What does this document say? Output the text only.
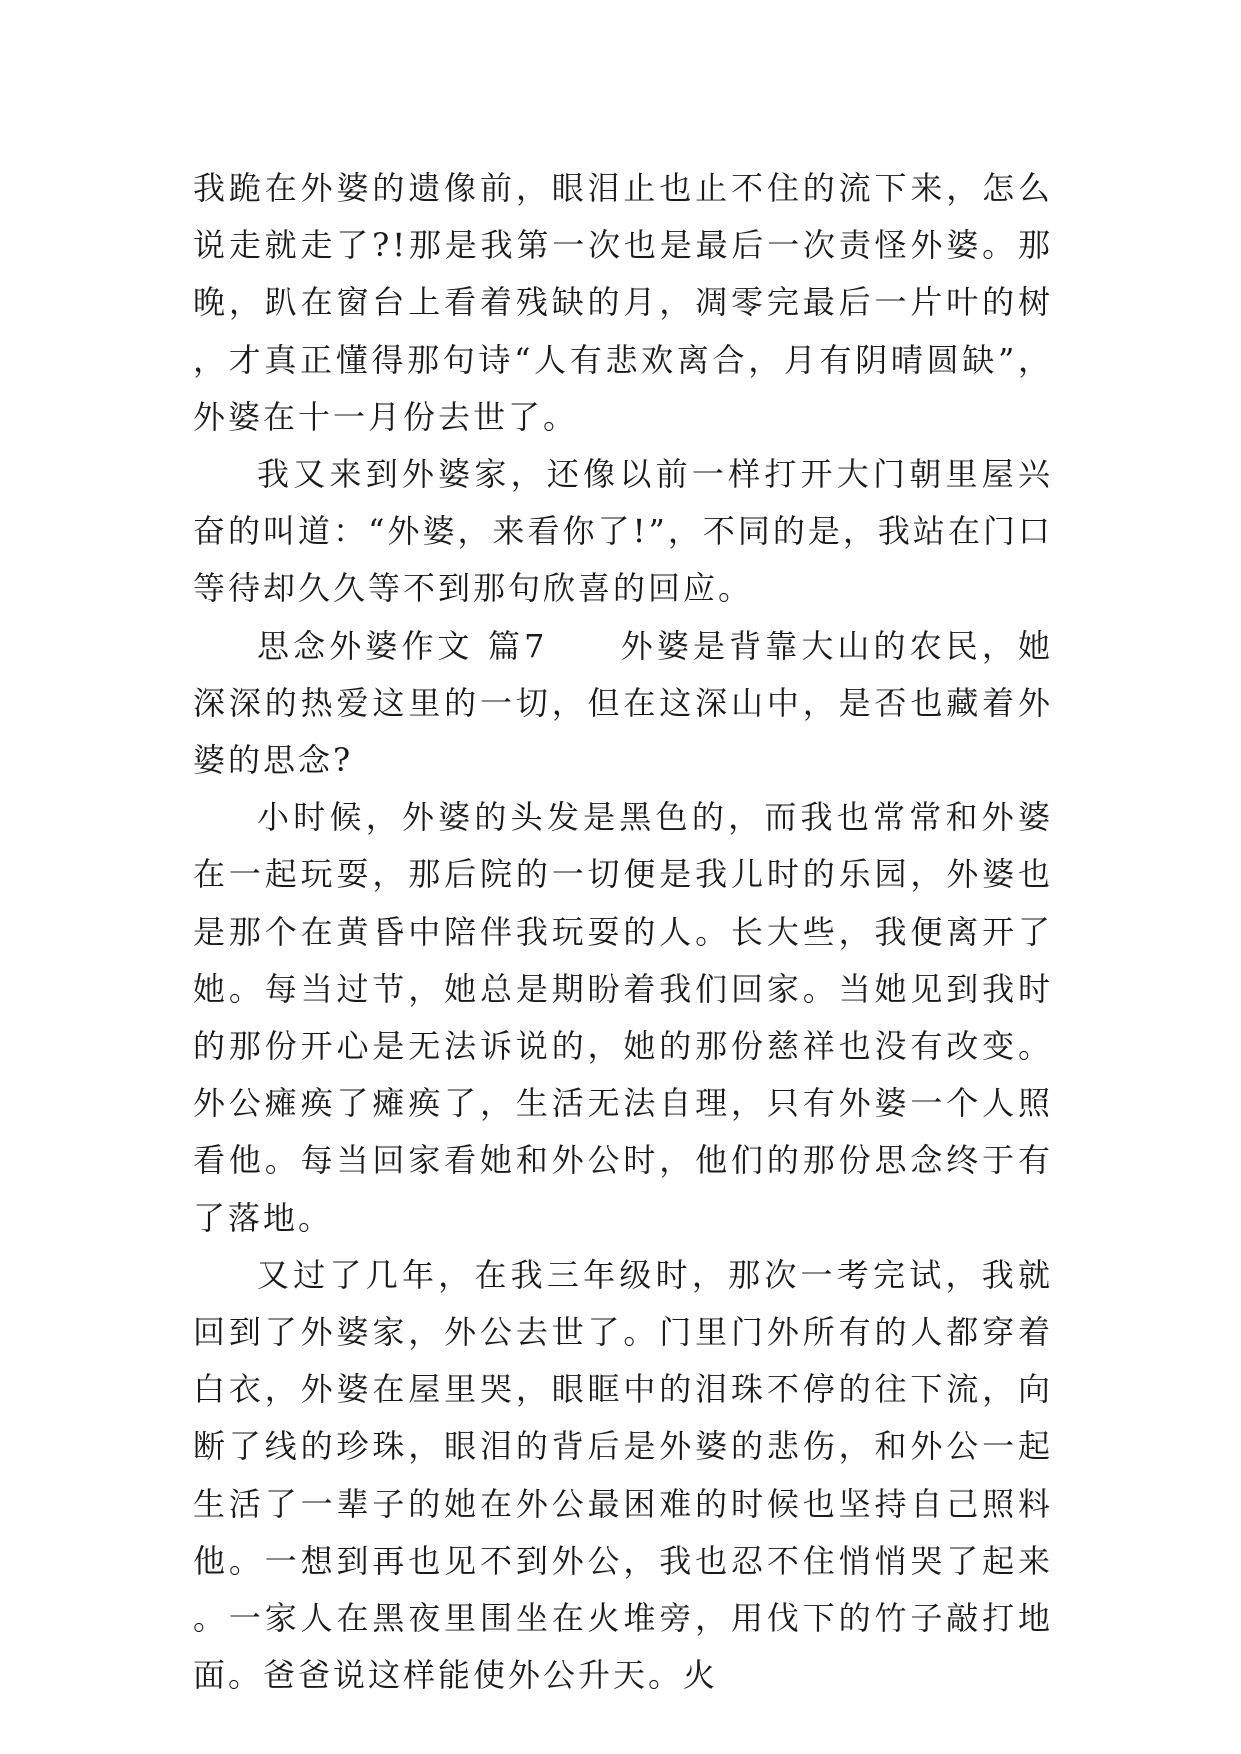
我跪在外婆的遗像前，眼泪止也止不住的流下来，怎么说走就走了?!那是我第一次也是最后一次责怪外婆。那晚，趴在窗台上看着残缺的月，凋零完最后一片叶的树，才真正懂得那句诗“人有悲欢离合，月有阴晴圆缺”，外婆在十一月份去世了。

我又来到外婆家，还像以前一样打开大门朝里屋兴奋的叫道：“外婆，来看你了!”，不同的是，我站在门口等待却久久等不到那句欣喜的回应。

思念外婆作文 篇7　　外婆是背靠大山的农民，她深深的热爱这里的一切，但在这深山中，是否也藏着外婆的思念?

小时候，外婆的头发是黑色的，而我也常常和外婆在一起玩耍，那后院的一切便是我儿时的乐园，外婆也是那个在黄昏中陪伴我玩耍的人。长大些，我便离开了她。每当过节，她总是期盼着我们回家。当她见到我时的那份开心是无法诉说的，她的那份慈祥也没有改变。外公瘫痪了瘫痪了，生活无法自理，只有外婆一个人照看他。每当回家看她和外公时，他们的那份思念终于有了落地。

又过了几年，在我三年级时，那次一考完试，我就回到了外婆家，外公去世了。门里门外所有的人都穿着白衣，外婆在屋里哭，眼眶中的泪珠不停的往下流，向断了线的珍珠，眼泪的背后是外婆的悲伤，和外公一起生活了一辈子的她在外公最困难的时候也坚持自己照料他。一想到再也见不到外公，我也忍不住悄悄哭了起来。一家人在黑夜里围坐在火堆旁，用伐下的竹子敲打地面。爸爸说这样能使外公升天。火
